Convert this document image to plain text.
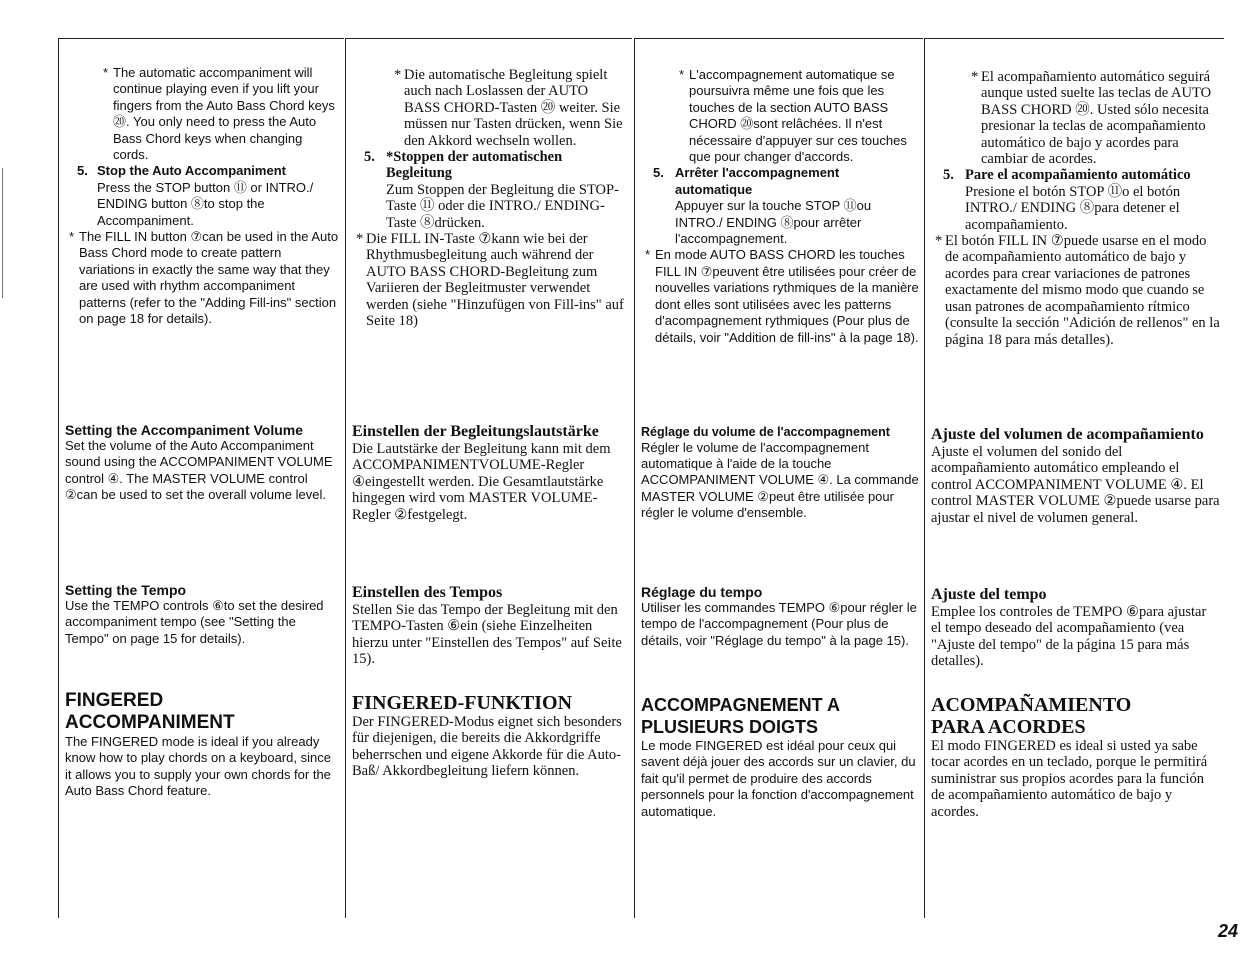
* The automatic accompaniment will continue playing even if you lift your fingers from the Auto Bass Chord keys ⑳. You only need to press the Auto Bass Chord keys when changing cords.

5. Stop the Auto Accompaniment
Press the STOP button ⑪ or INTRO./ ENDING button ⑧to stop the Accompaniment.

* The FILL IN button ⑦can be used in the Auto Bass Chord mode to create pattern variations in exactly the same way that they are used with rhythm accompaniment patterns (refer to the "Adding Fill-ins" section on page 18 for details).

Setting the Accompaniment Volume

Set the volume of the Auto Accompaniment sound using the ACCOMPANIMENT VOLUME control ④. The MASTER VOLUME control ②can be used to set the overall volume level.

Setting the Tempo

Use the TEMPO controls ⑥to set the desired accompaniment tempo (see "Setting the Tempo" on page 15 for details).

FINGERED
ACCOMPANIMENT

The FINGERED mode is ideal if you already know how to play chords on a keyboard, since it allows you to supply your own chords for the Auto Bass Chord feature.

* Die automatische Begleitung spielt auch nach Loslassen der AUTO BASS CHORD-Tasten ⑳ weiter. Sie müssen nur Tasten drücken, wenn Sie den Akkord wechseln wollen.

5. *Stoppen der automatischen Begleitung
Zum Stoppen der Begleitung die STOP-Taste ⑪ oder die INTRO./ ENDING-Taste ⑧drücken.

* Die FILL IN-Taste ⑦kann wie bei der Rhythmusbegleitung auch während der AUTO BASS CHORD-Begleitung zum Variieren der Begleitmuster verwendet werden (siehe "Hinzufügen von Fill-ins" auf Seite 18)

Einstellen der Begleitungslautstärke

Die Lautstärke der Begleitung kann mit dem ACCOMPANIMENTVOLUME-Regler ④eingestellt werden. Die Gesamtlautstärke hingegen wird vom MASTER VOLUME-Regler ②festgelegt.

Einstellen des Tempos

Stellen Sie das Tempo der Begleitung mit den TEMPO-Tasten ⑥ein (siehe Einzelheiten hierzu unter "Einstellen des Tempos" auf Seite 15).

FINGERED-FUNKTION

Der FINGERED-Modus eignet sich besonders für diejenigen, die bereits die Akkordgriffe beherrschen und eigene Akkorde für die Auto-Baß/ Akkordbegleitung liefern können.

* L'accompagnement automatique se poursuivra même une fois que les touches de la section AUTO BASS CHORD ⑳sont relâchées. Il n'est nécessaire d'appuyer sur ces touches que pour changer d'accords.

5. Arrêter l'accompagnement automatique
Appuyer sur la touche STOP ⑪ou INTRO./ ENDING ⑧pour arrêter l'accompagnement.

* En mode AUTO BASS CHORD les touches FILL IN ⑦peuvent être utilisées pour créer de nouvelles variations rythmiques de la manière dont elles sont utilisées avec les patterns d'acompagnement rythmiques (Pour plus de détails, voir "Addition de fill-ins" à la page 18).

Réglage du volume de l'accompagnement

Régler le volume de l'accompagnement automatique à l'aide de la touche ACCOMPANIMENT VOLUME ④. La commande MASTER VOLUME ②peut être utilisée pour régler le volume d'ensemble.

Réglage du tempo

Utiliser les commandes TEMPO ⑥pour régler le tempo de l'accompagnement (Pour plus de détails, voir "Réglage du tempo" à la page 15).

ACCOMPAGNEMENT A
PLUSIEURS DOIGTS

Le mode FINGERED est idéal pour ceux qui savent déjà jouer des accords sur un clavier, du fait qu'il permet de produire des accords personnels pour la fonction d'accompagnement automatique.

* El acompañamiento automático seguirá aunque usted suelte las teclas de AUTO BASS CHORD ⑳. Usted sólo necesita presionar la teclas de acompañamiento automático de bajo y acordes para cambiar de acordes.

5. Pare el acompañamiento automático
Presione el botón STOP ⑪o el botón INTRO./ ENDING ⑧para detener el acompañamiento.

* El botón FILL IN ⑦puede usarse en el modo de acompañamiento automático de bajo y acordes para crear variaciones de patrones exactamente del mismo modo que cuando se usan patrones de acompañamiento rítmico (consulte la sección "Adición de rellenos" en la página 18 para más detalles).

Ajuste del volumen de acompañamiento

Ajuste el volumen del sonido del acompañamiento automático empleando el control ACCOMPANIMENT VOLUME ④. El control MASTER VOLUME ②puede usarse para ajustar el nivel de volumen general.

Ajuste del tempo

Emplee los controles de TEMPO ⑥para ajustar el tempo deseado del acompañamiento (vea "Ajuste del tempo" de la página 15 para más detalles).

ACOMPAÑAMIENTO
PARA ACORDES

El modo FINGERED es ideal si usted ya sabe tocar acordes en un teclado, porque le permitirá suministrar sus propios acordes para la función de acompañamiento automático de bajo y acordes.

24
